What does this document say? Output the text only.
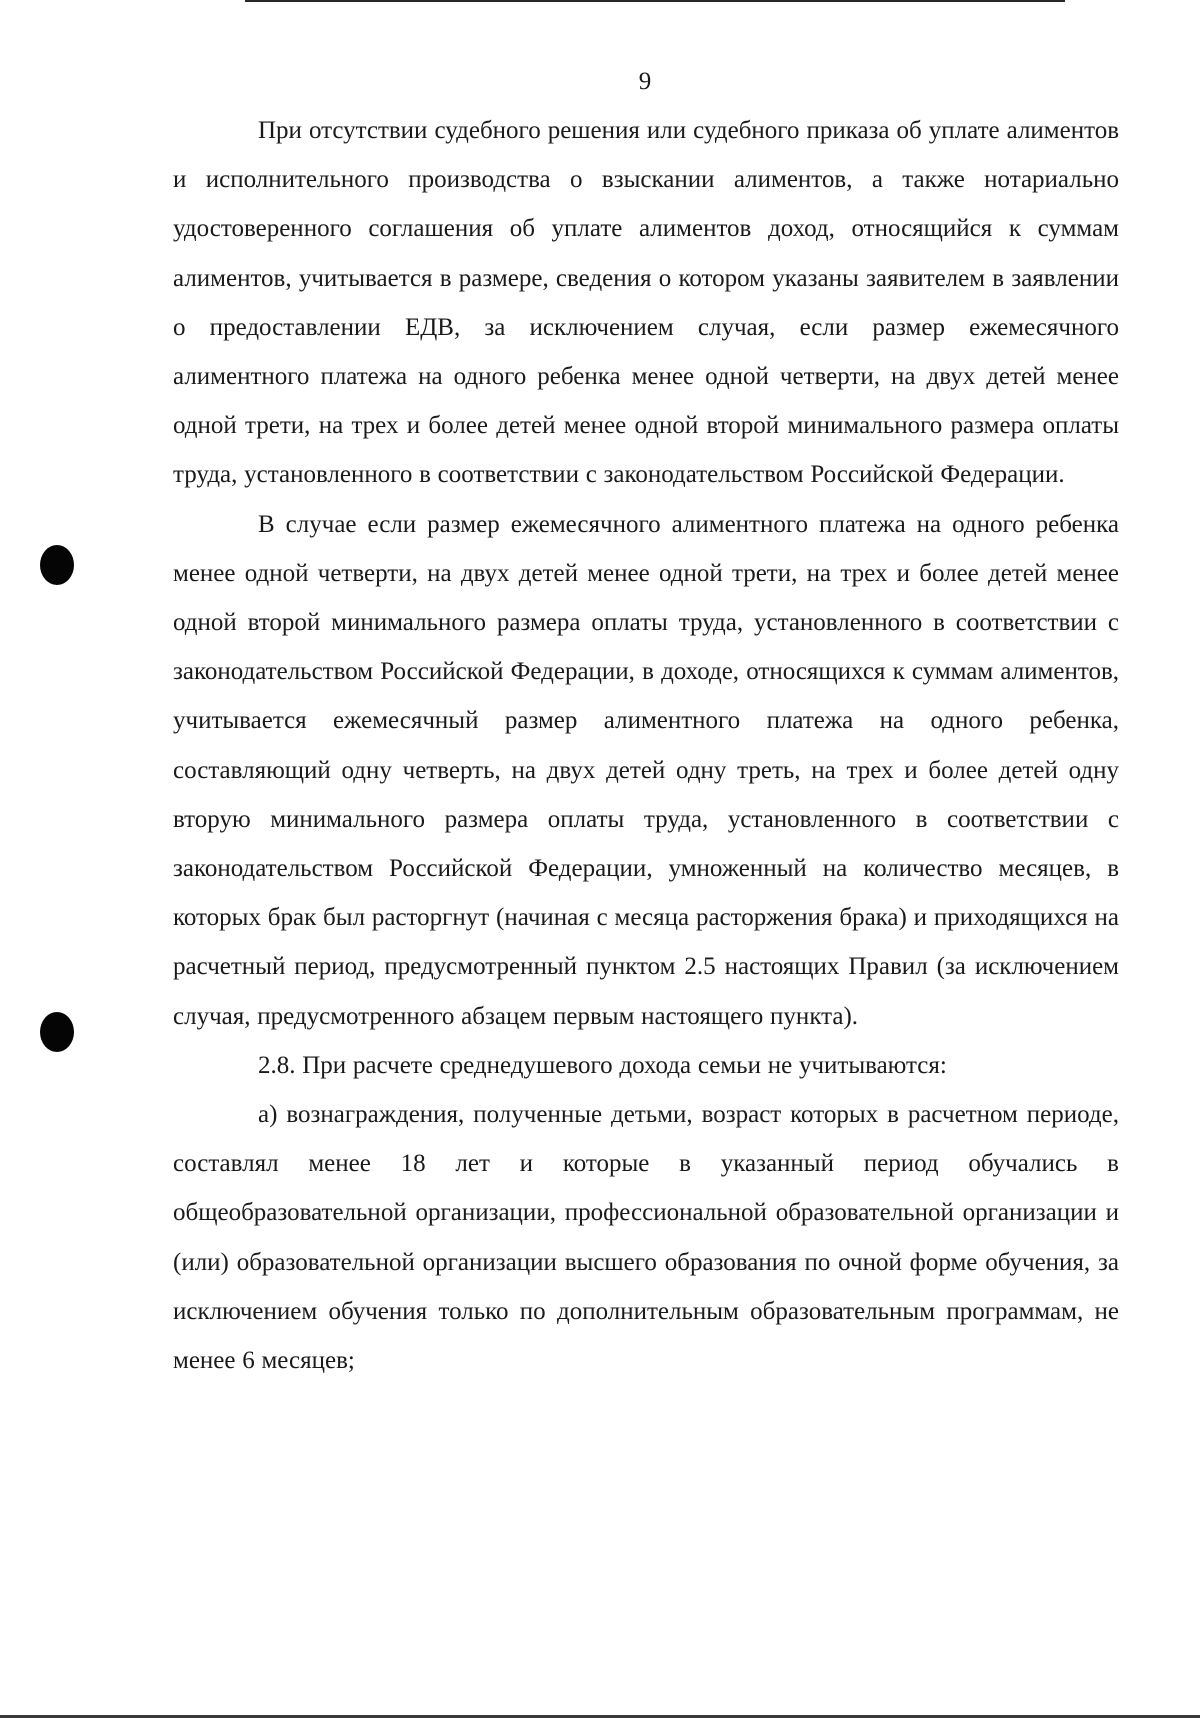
9

При отсутствии судебного решения или судебного приказа об уплате алиментов и исполнительного производства о взыскании алиментов, а также нотариально удостоверенного соглашения об уплате алиментов доход, относящийся к суммам алиментов, учитывается в размере, сведения о котором указаны заявителем в заявлении о предоставлении ЕДВ, за исключением случая, если размер ежемесячного алиментного платежа на одного ребенка менее одной четверти, на двух детей менее одной трети, на трех и более детей менее одной второй минимального размера оплаты труда, установленного в соответствии с законодательством Российской Федерации.

В случае если размер ежемесячного алиментного платежа на одного ребенка менее одной четверти, на двух детей менее одной трети, на трех и более детей менее одной второй минимального размера оплаты труда, установленного в соответствии с законодательством Российской Федерации, в доходе, относящихся к суммам алиментов, учитывается ежемесячный размер алиментного платежа на одного ребенка, составляющий одну четверть, на двух детей одну треть, на трех и более детей одну вторую минимального размера оплаты труда, установленного в соответствии с законодательством Российской Федерации, умноженный на количество месяцев, в которых брак был расторгнут (начиная с месяца расторжения брака) и приходящихся на расчетный период, предусмотренный пунктом 2.5 настоящих Правил (за исключением случая, предусмотренного абзацем первым настоящего пункта).

2.8. При расчете среднедушевого дохода семьи не учитываются:

а) вознаграждения, полученные детьми, возраст которых в расчетном периоде, составлял менее 18 лет и которые в указанный период обучались в общеобразовательной организации, профессиональной образовательной организации и (или) образовательной организации высшего образования по очной форме обучения, за исключением обучения только по дополнительным образовательным программам, не менее 6 месяцев;
